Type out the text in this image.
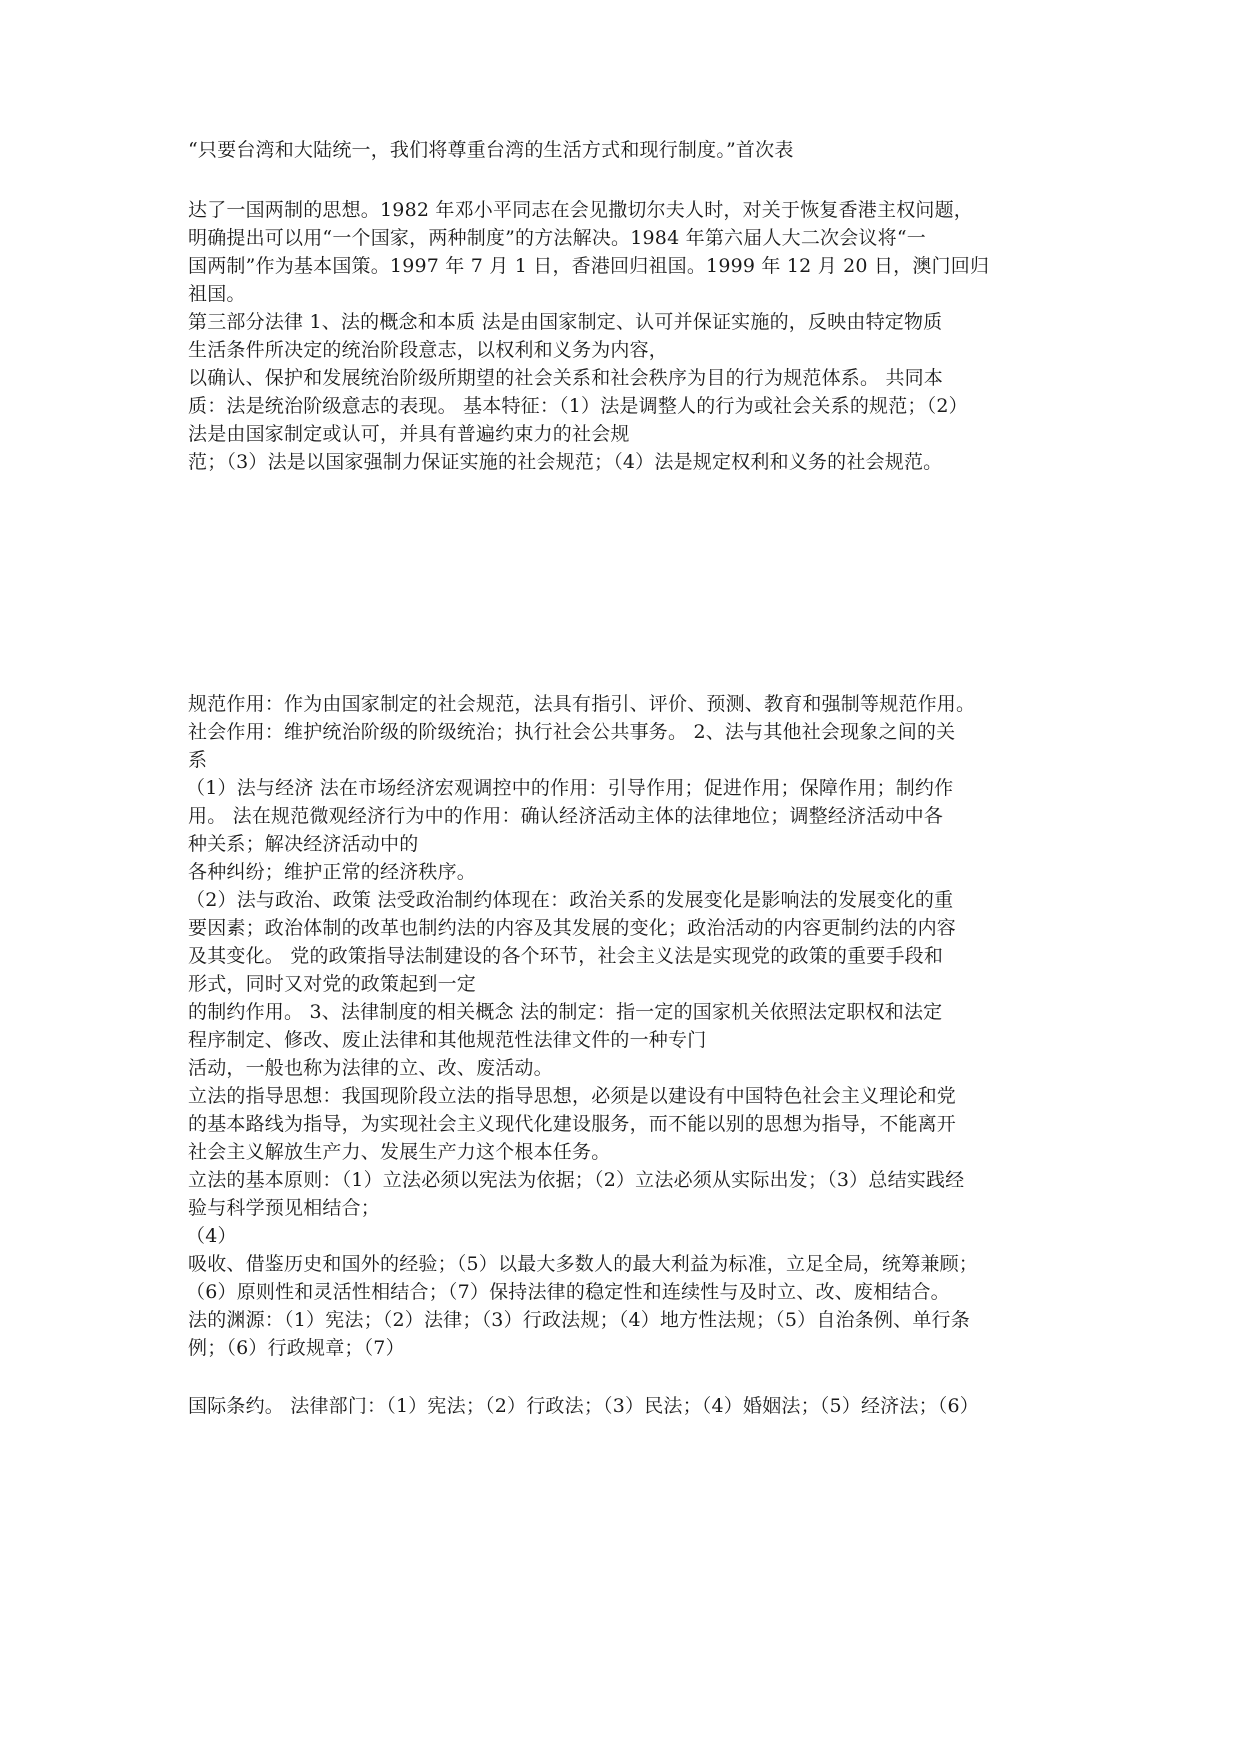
“只要台湾和大陆统一，我们将尊重台湾的生活方式和现行制度。”首次表
达了一国两制的思想。1982 年邓小平同志在会见撒切尔夫人时，对关于恢复香港主权问题，
明确提出可以用“一个国家，两种制度”的方法解决。1984 年第六届人大二次会议将“一
国两制”作为基本国策。1997 年 7 月 1 日，香港回归祖国。1999 年 12 月 20 日，澳门回归
祖国。
第三部分法律 1、法的概念和本质 法是由国家制定、认可并保证实施的，反映由特定物质
生活条件所决定的统治阶段意志，以权利和义务为内容，
以确认、保护和发展统治阶级所期望的社会关系和社会秩序为目的行为规范体系。 共同本
质：法是统治阶级意志的表现。 基本特征：（1）法是调整人的行为或社会关系的规范；（2）
法是由国家制定或认可，并具有普遍约束力的社会规
范；（3）法是以国家强制力保证实施的社会规范；（4）法是规定权利和义务的社会规范。
规范作用：作为由国家制定的社会规范，法具有指引、评价、预测、教育和强制等规范作用。
社会作用：维护统治阶级的阶级统治；执行社会公共事务。 2、法与其他社会现象之间的关
系
（1）法与经济 法在市场经济宏观调控中的作用：引导作用；促进作用；保障作用；制约作
用。 法在规范微观经济行为中的作用：确认经济活动主体的法律地位；调整经济活动中各
种关系；解决经济活动中的
各种纠纷；维护正常的经济秩序。
（2）法与政治、政策 法受政治制约体现在：政治关系的发展变化是影响法的发展变化的重
要因素；政治体制的改革也制约法的内容及其发展的变化；政治活动的内容更制约法的内容
及其变化。 党的政策指导法制建设的各个环节，社会主义法是实现党的政策的重要手段和
形式，同时又对党的政策起到一定
的制约作用。 3、法律制度的相关概念 法的制定：指一定的国家机关依照法定职权和法定
程序制定、修改、废止法律和其他规范性法律文件的一种专门
活动，一般也称为法律的立、改、废活动。
立法的指导思想：我国现阶段立法的指导思想，必须是以建设有中国特色社会主义理论和党
的基本路线为指导，为实现社会主义现代化建设服务，而不能以别的思想为指导，不能离开
社会主义解放生产力、发展生产力这个根本任务。
立法的基本原则：（1）立法必须以宪法为依据；（2）立法必须从实际出发；（3）总结实践经
验与科学预见相结合；
（4）
吸收、借鉴历史和国外的经验；（5）以最大多数人的最大利益为标准，立足全局，统筹兼顾；
（6）原则性和灵活性相结合；（7）保持法律的稳定性和连续性与及时立、改、废相结合。
法的渊源：（1）宪法；（2）法律；（3）行政法规；（4）地方性法规；（5）自治条例、单行条
例；（6）行政规章；（7）
国际条约。 法律部门：（1）宪法；（2）行政法；（3）民法；（4）婚姻法；（5）经济法；（6）
